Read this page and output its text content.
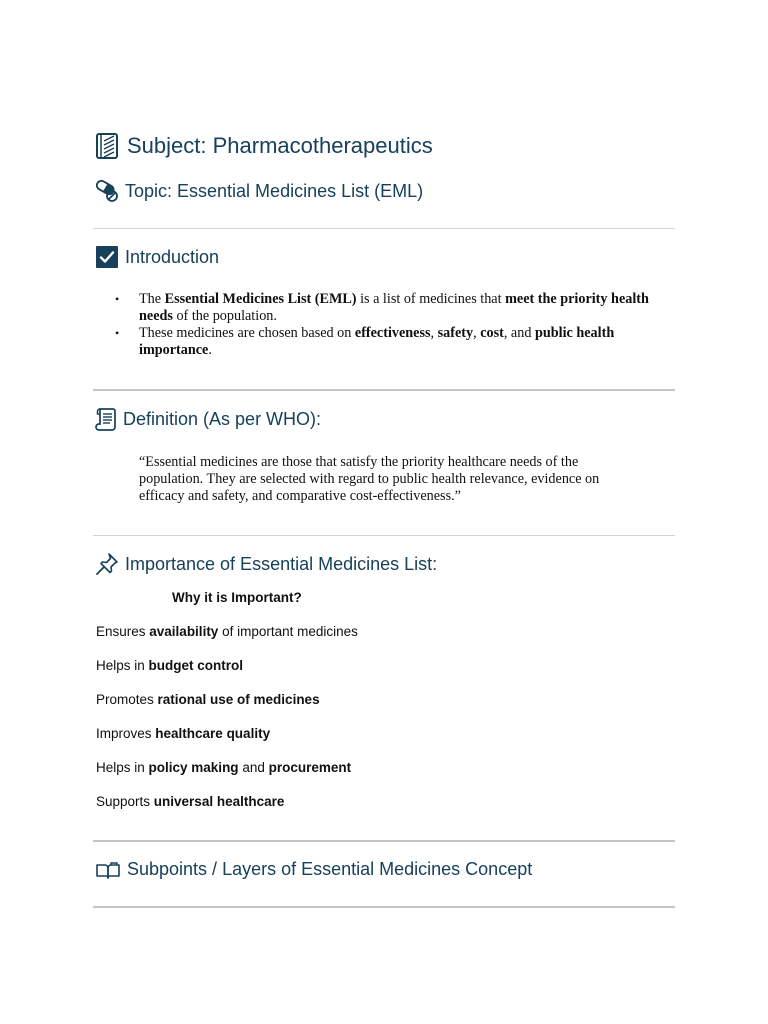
Subject: Pharmacotherapeutics
Topic: Essential Medicines List (EML)
Introduction
• The Essential Medicines List (EML) is a list of medicines that meet the priority health needs of the population.
• These medicines are chosen based on effectiveness, safety, cost, and public health importance.
Definition (As per WHO):
“Essential medicines are those that satisfy the priority healthcare needs of the population. They are selected with regard to public health relevance, evidence on efficacy and safety, and comparative cost-effectiveness.”
Importance of Essential Medicines List:
Why it is Important?
Ensures availability of important medicines
Helps in budget control
Promotes rational use of medicines
Improves healthcare quality
Helps in policy making and procurement
Supports universal healthcare
Subpoints / Layers of Essential Medicines Concept
